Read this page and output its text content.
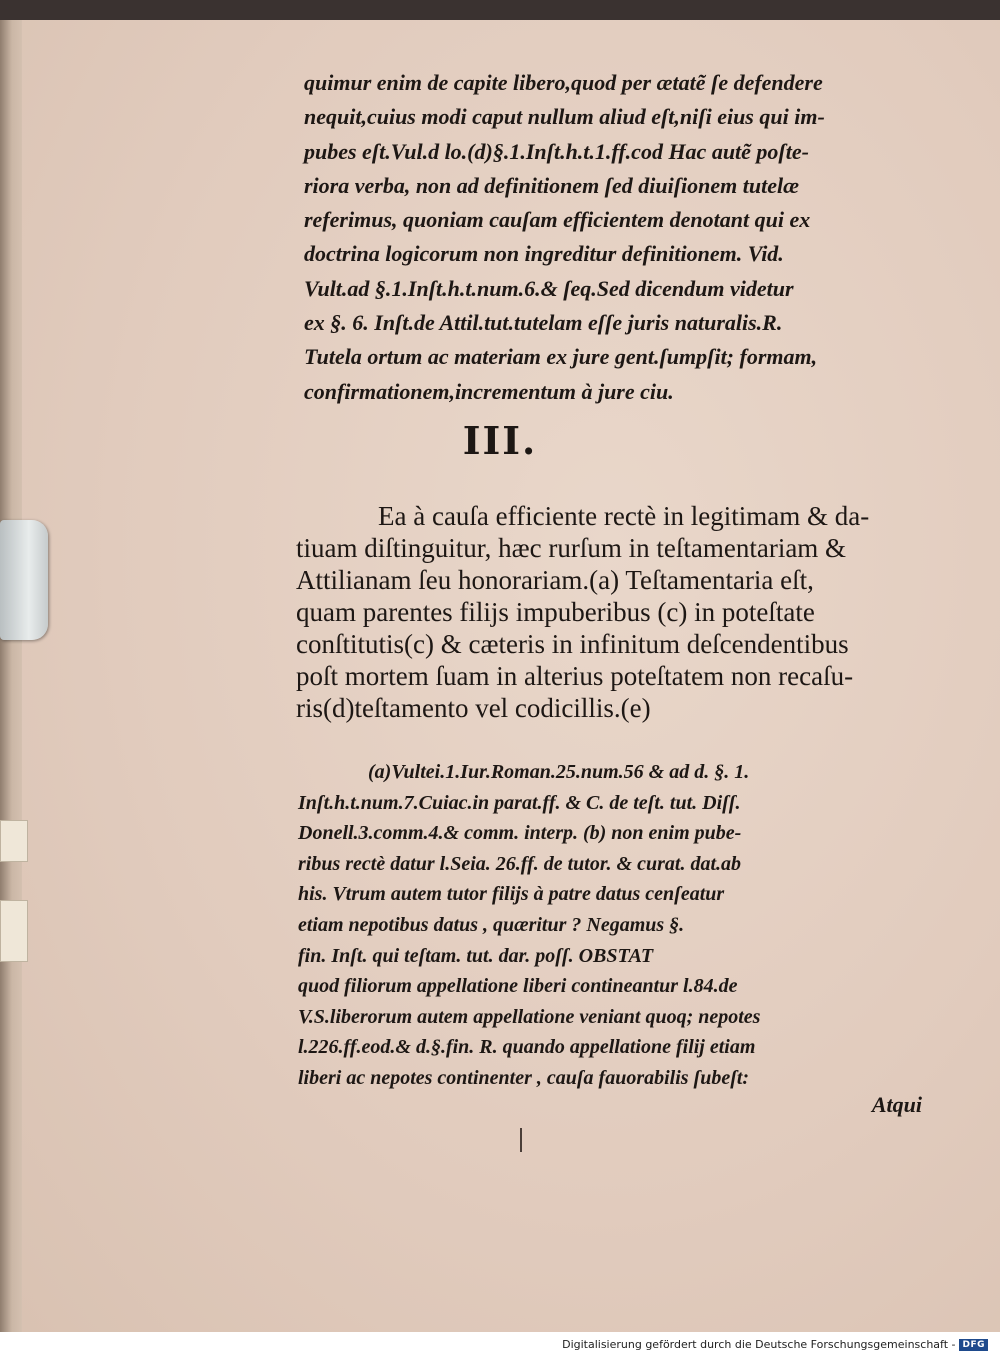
quimur enim de capite libero,quod per ætatẽ ſe defendere
nequit,cuius modi caput nullum aliud eſt,niſi eius qui im-
pubes eſt.Vul.d lo.(d)§.1.Inſt.h.t.1.ff.cod Hac autẽ poſte-
riora verba, non ad definitionem ſed diuiſionem tutelæ
referimus, quoniam cauſam efficientem denotant qui ex
doctrina logicorum non ingreditur definitionem. Vid.
Vult.ad §.1.Inſt.h.t.num.6.& ſeq.Sed dicendum videtur
ex §. 6. Inſt.de Attil.tut.tutelam eſſe juris naturalis.R.
Tutela ortum ac materiam ex jure gent.ſumpſit; formam,
confirmationem,incrementum à jure ciu.
III.
Ea à cauſa efficiente rectè in legitimam & da-
tiuam diſtinguitur, hæc rurſum in teſtamentariam &
Attilianam ſeu honorariam.(a) Teſtamentaria eſt,
quam parentes filijs impuberibus (c) in poteſtate
conſtitutis(c) & cæteris in infinitum deſcendentibus
poſt mortem ſuam in alterius poteſtatem non recaſu-
ris(d)teſtamento vel codicillis.(e)
(a)Vultei.1.Iur.Roman.25.num.56 & ad d. §. 1.
Inſt.h.t.num.7.Cuiac.in parat.ff. & C. de teſt. tut. Diſſ.
Donell.3.comm.4.& comm. interp. (b) non enim pube-
ribus rectè datur l.Seia. 26.ff. de tutor. & curat. dat.ab
his. Vtrum autem tutor filijs à patre datus cenſeatur
etiam nepotibus datus , quæritur ? Negamus §.
fin. Inſt. qui teſtam. tut. dar. poſſ. OBSTAT
quod filiorum appellatione liberi contineantur l.84.de
V.S.liberorum autem appellatione veniant quoq; nepotes
l.226.ff.eod.& d.§.fin. R. quando appellatione filij etiam
liberi ac nepotes continenter , cauſa fauorabilis ſubeſt:
Atqui
Digitalisierung gefördert durch die Deutsche Forschungsgemeinschaft - DFG
